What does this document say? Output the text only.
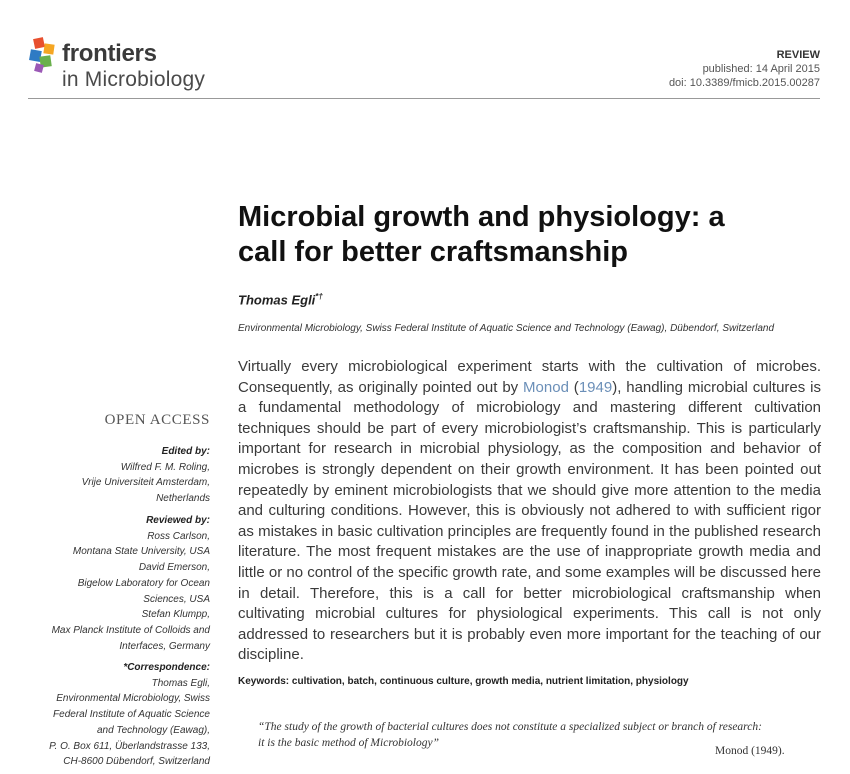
frontiers
in Microbiology
REVIEW
published: 14 April 2015
doi: 10.3389/fmicb.2015.00287
OPEN ACCESS
Edited by:
Wilfred F. M. Roling,
Vrije Universiteit Amsterdam,
Netherlands
Reviewed by:
Ross Carlson,
Montana State University, USA
David Emerson,
Bigelow Laboratory for Ocean
Sciences, USA
Stefan Klumpp,
Max Planck Institute of Colloids and
Interfaces, Germany
*Correspondence:
Thomas Egli,
Environmental Microbiology, Swiss
Federal Institute of Aquatic Science
and Technology (Eawag),
P. O. Box 611, Überlandstrasse 133,
CH-8600 Dübendorf, Switzerland
Microbial growth and physiology: a
call for better craftsmanship
Thomas Egli*†
Environmental Microbiology, Swiss Federal Institute of Aquatic Science and Technology (Eawag), Dübendorf, Switzerland

Virtually every microbiological experiment starts with the cultivation of microbes. Consequently, as originally pointed out by Monod (1949), handling microbial cultures is a fundamental methodology of microbiology and mastering different cultivation techniques should be part of every microbiologist’s craftsmanship. This is particularly important for research in microbial physiology, as the composition and behavior of microbes is strongly dependent on their growth environment. It has been pointed out repeatedly by eminent microbiologists that we should give more attention to the media and culturing conditions. However, this is obviously not adhered to with sufficient rigor as mistakes in basic cultivation principles are frequently found in the published research literature. The most frequent mistakes are the use of inappropriate growth media and little or no control of the specific growth rate, and some examples will be discussed here in detail. Therefore, this is a call for better microbiological craftsmanship when cultivating microbial cultures for physiological experiments. This call is not only addressed to researchers but it is probably even more important for the teaching of our discipline.

Keywords: cultivation, batch, continuous culture, growth media, nutrient limitation, physiology
“The study of the growth of bacterial cultures does not constitute a specialized subject or branch of research:
it is the basic method of Microbiology”
Monod (1949).
